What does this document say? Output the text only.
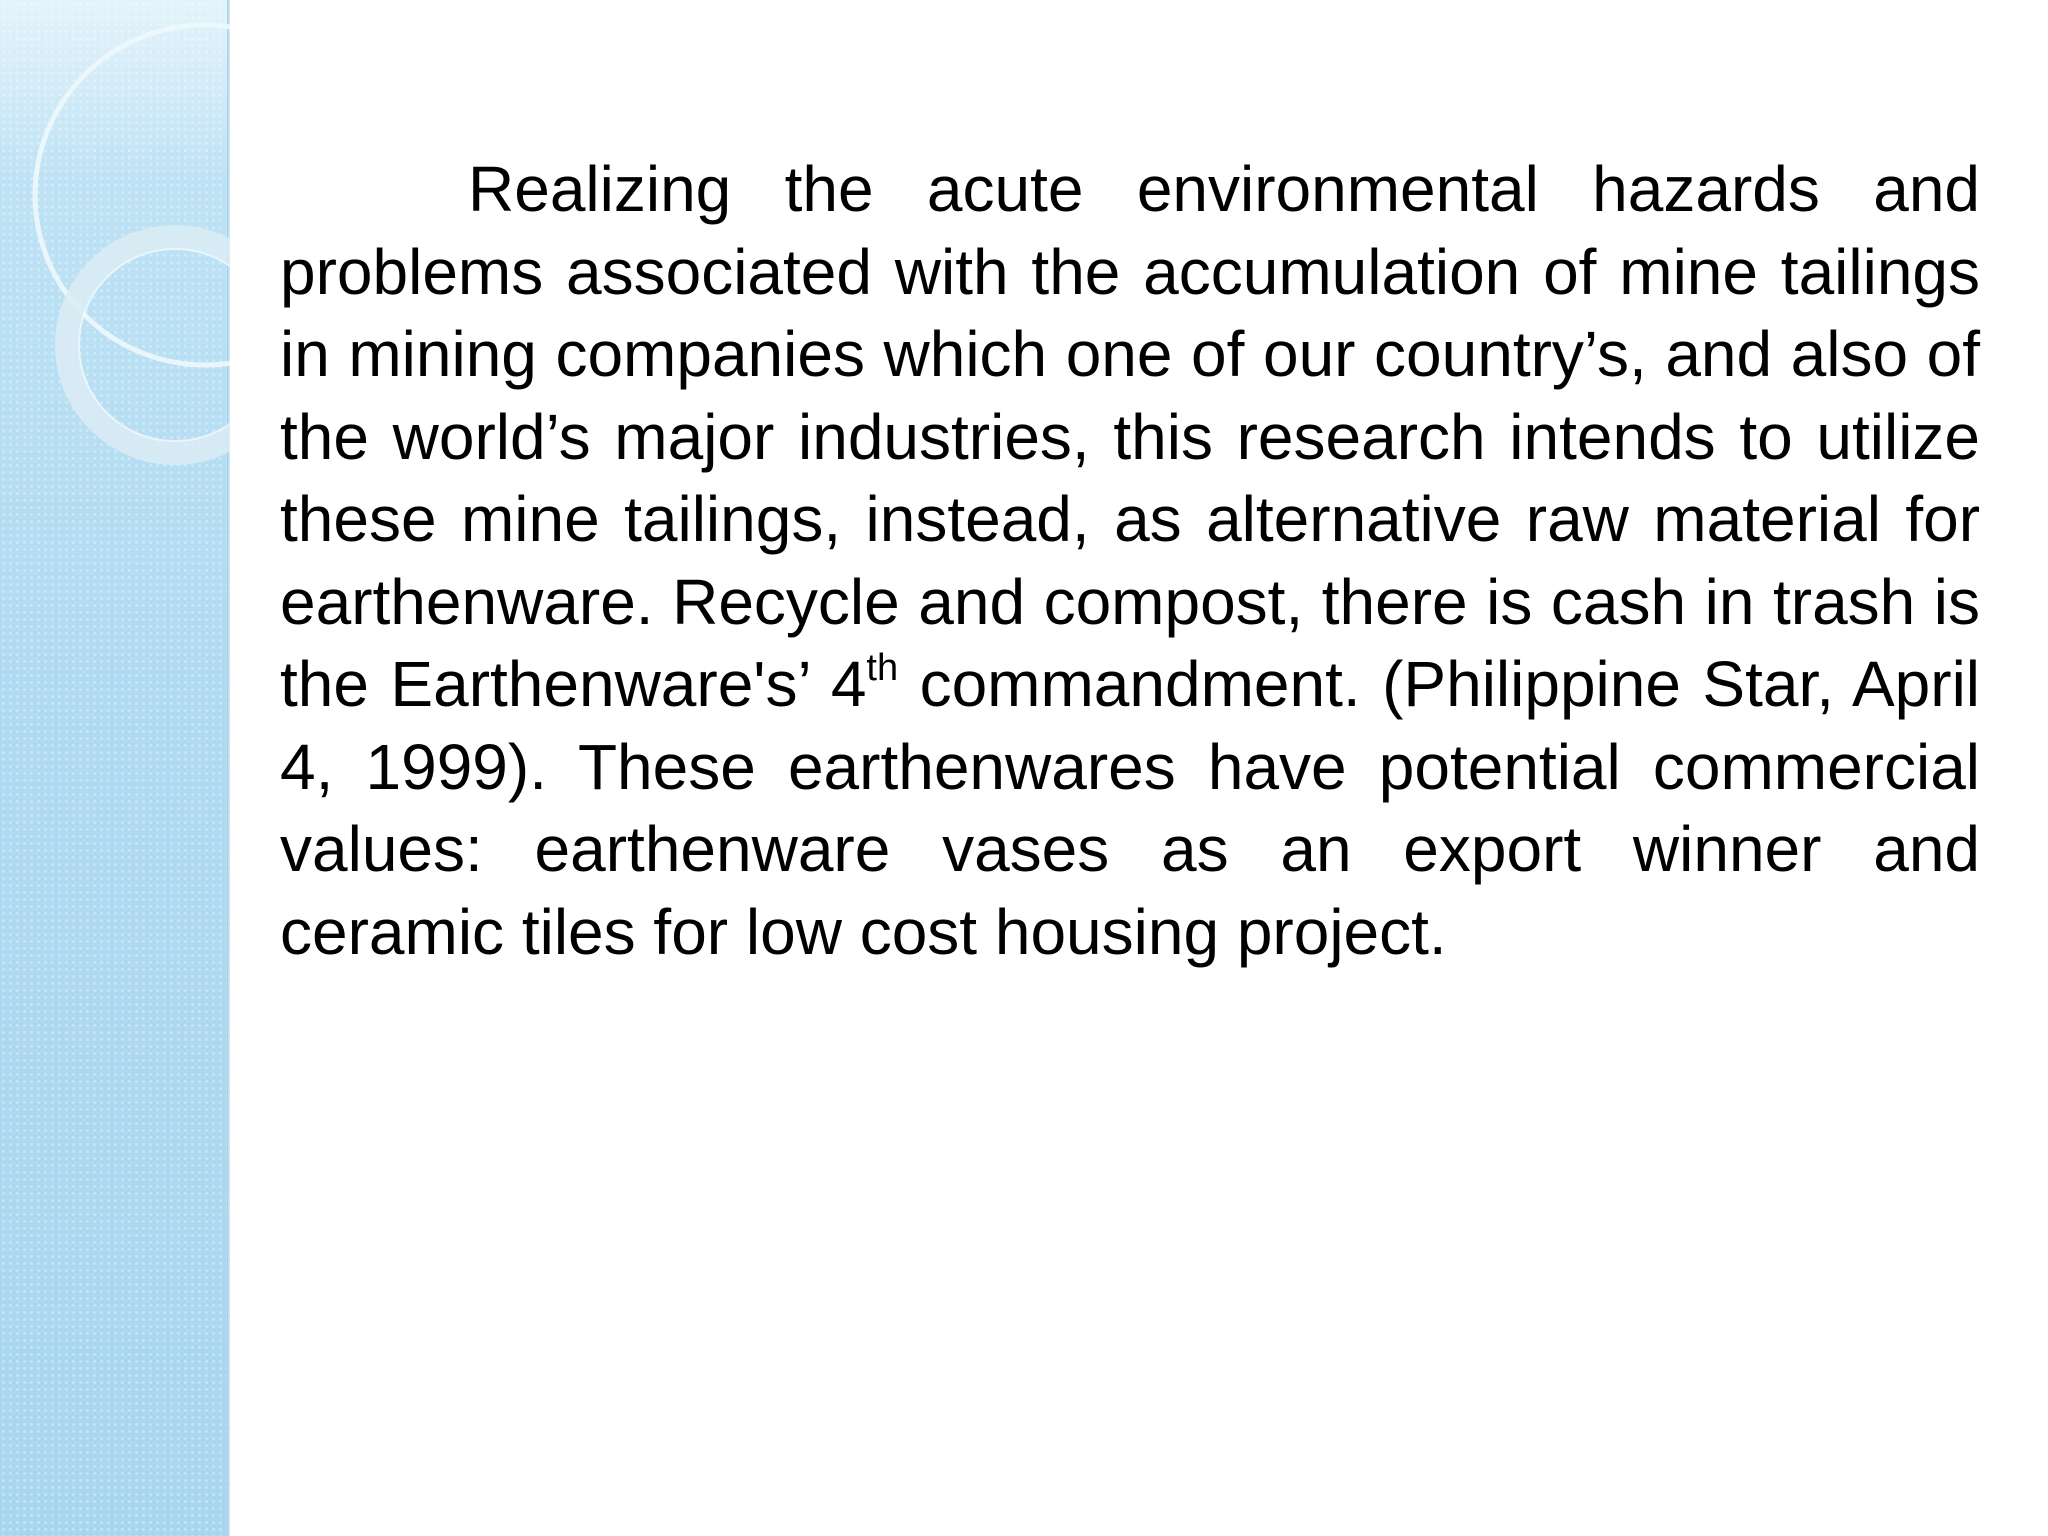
Realizing the acute environmental hazards and problems associated with the accumulation of mine tailings in mining companies which one of our country’s, and also of the world’s major industries, this research intends to utilize these mine tailings, instead, as alternative raw material for earthenware. Recycle and compost, there is cash in trash is the Earthenware's’ 4th commandment. (Philippine Star, April 4, 1999). These earthenwares have potential commercial values: earthenware vases as an export winner and ceramic tiles for low cost housing project.
